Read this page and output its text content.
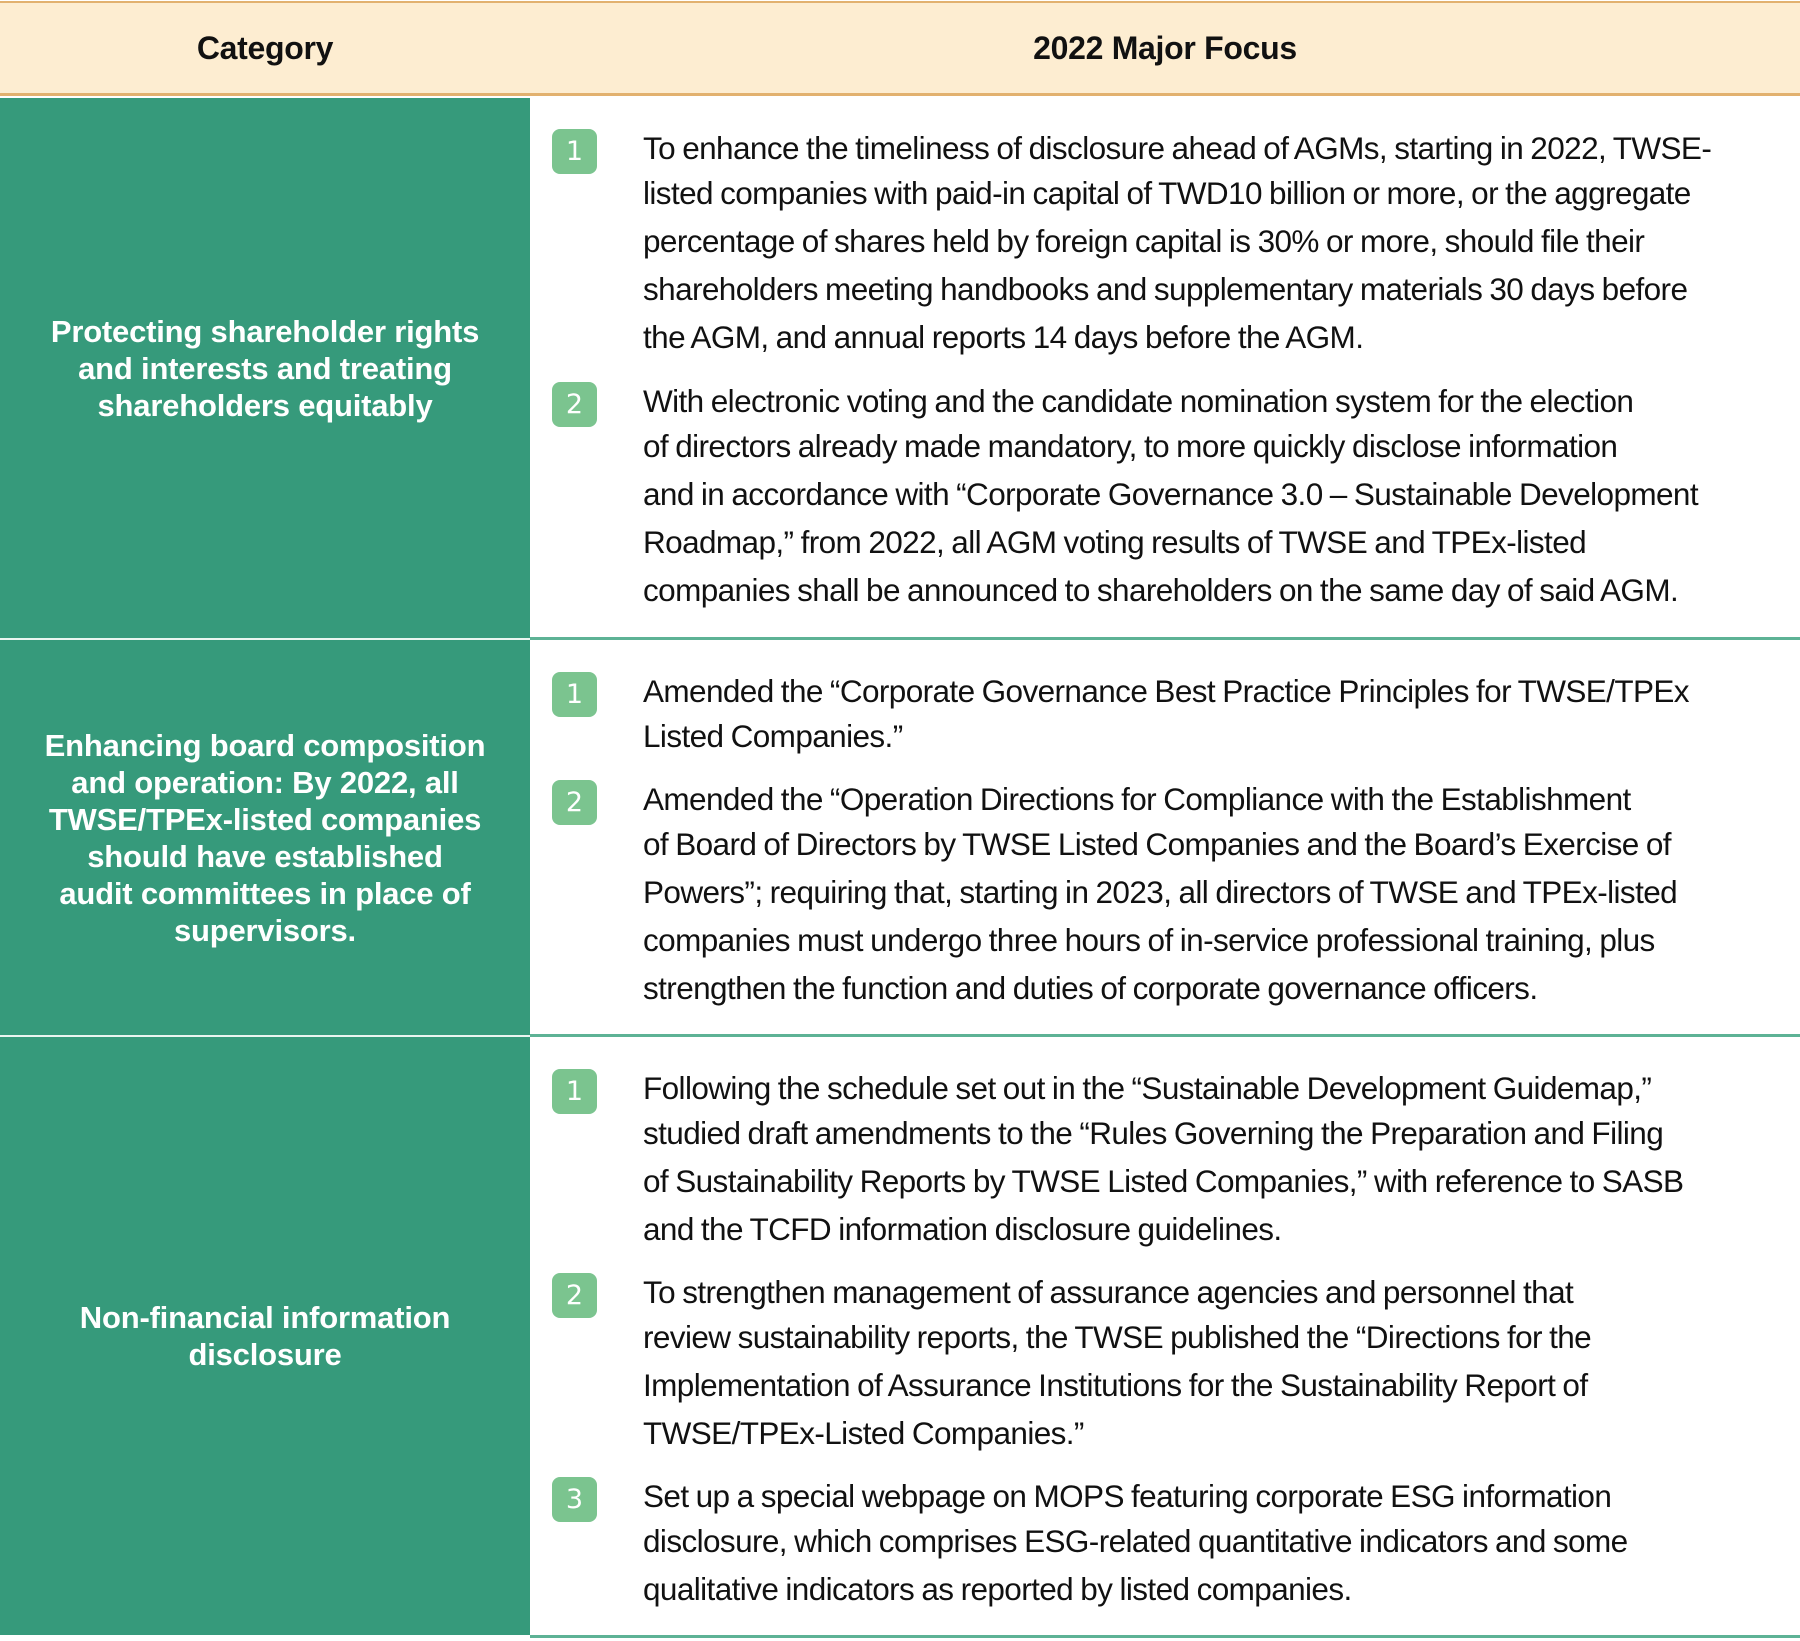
Category	2022 Major Focus
Protecting shareholder rights
and interests and treating
shareholders equitably
1	To enhance the timeliness of disclosure ahead of AGMs, starting in 2022, TWSE-
listed companies with paid-in capital of TWD10 billion or more, or the aggregate
percentage of shares held by foreign capital is 30% or more, should file their
shareholders meeting handbooks and supplementary materials 30 days before
the AGM, and annual reports 14 days before the AGM.
2	With electronic voting and the candidate nomination system for the election
of directors already made mandatory, to more quickly disclose information
and in accordance with “Corporate Governance 3.0 – Sustainable Development
Roadmap,” from 2022, all AGM voting results of TWSE and TPEx-listed
companies shall be announced to shareholders on the same day of said AGM.
Enhancing board composition
and operation: By 2022, all
TWSE/TPEx-listed companies
should have established
audit committees in place of
supervisors.
1	Amended the “Corporate Governance Best Practice Principles for TWSE/TPEx
Listed Companies.”
2	Amended the “Operation Directions for Compliance with the Establishment
of Board of Directors by TWSE Listed Companies and the Board’s Exercise of
Powers”; requiring that, starting in 2023, all directors of TWSE and TPEx-listed
companies must undergo three hours of in-service professional training, plus
strengthen the function and duties of corporate governance officers.
Non-financial information
disclosure
1	Following the schedule set out in the “Sustainable Development Guidemap,”
studied draft amendments to the “Rules Governing the Preparation and Filing
of Sustainability Reports by TWSE Listed Companies,” with reference to SASB
and the TCFD information disclosure guidelines.
2	To strengthen management of assurance agencies and personnel that
review sustainability reports, the TWSE published the “Directions for the
Implementation of Assurance Institutions for the Sustainability Report of
TWSE/TPEx-Listed Companies.”
3	Set up a special webpage on MOPS featuring corporate ESG information
disclosure, which comprises ESG-related quantitative indicators and some
qualitative indicators as reported by listed companies.
